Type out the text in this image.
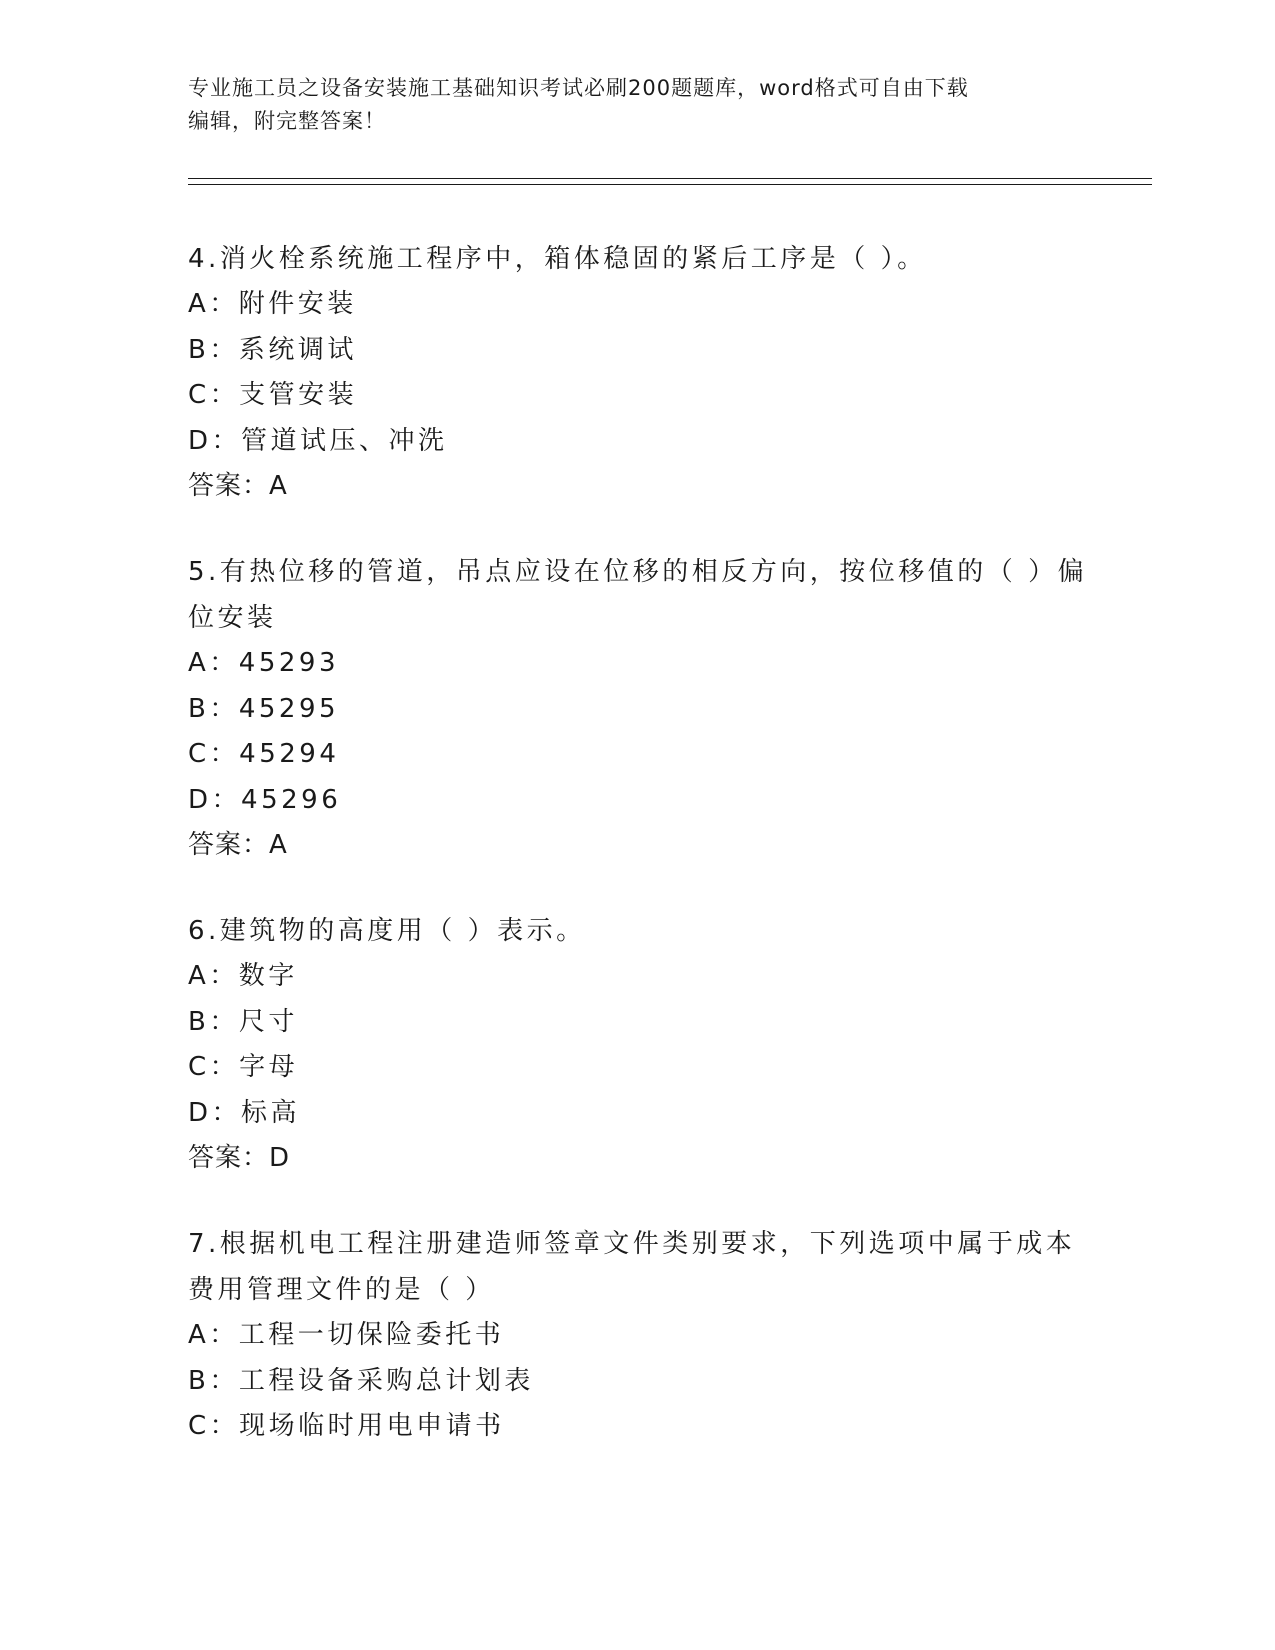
专业施工员之设备安装施工基础知识考试必刷200题题库，word格式可自由下载
编辑，附完整答案！
4.消火栓系统施工程序中，箱体稳固的紧后工序是（ ）。
A：附件安装
B：系统调试
C：支管安装
D：管道试压、冲洗
答案：A
5.有热位移的管道，吊点应设在位移的相反方向，按位移值的（ ）偏
位安装
A：45293
B：45295
C：45294
D：45296
答案：A
6.建筑物的高度用（ ）表示。
A：数字
B：尺寸
C：字母
D：标高
答案：D
7.根据机电工程注册建造师签章文件类别要求，下列选项中属于成本
费用管理文件的是（ ）
A：工程一切保险委托书
B：工程设备采购总计划表
C：现场临时用电申请书
